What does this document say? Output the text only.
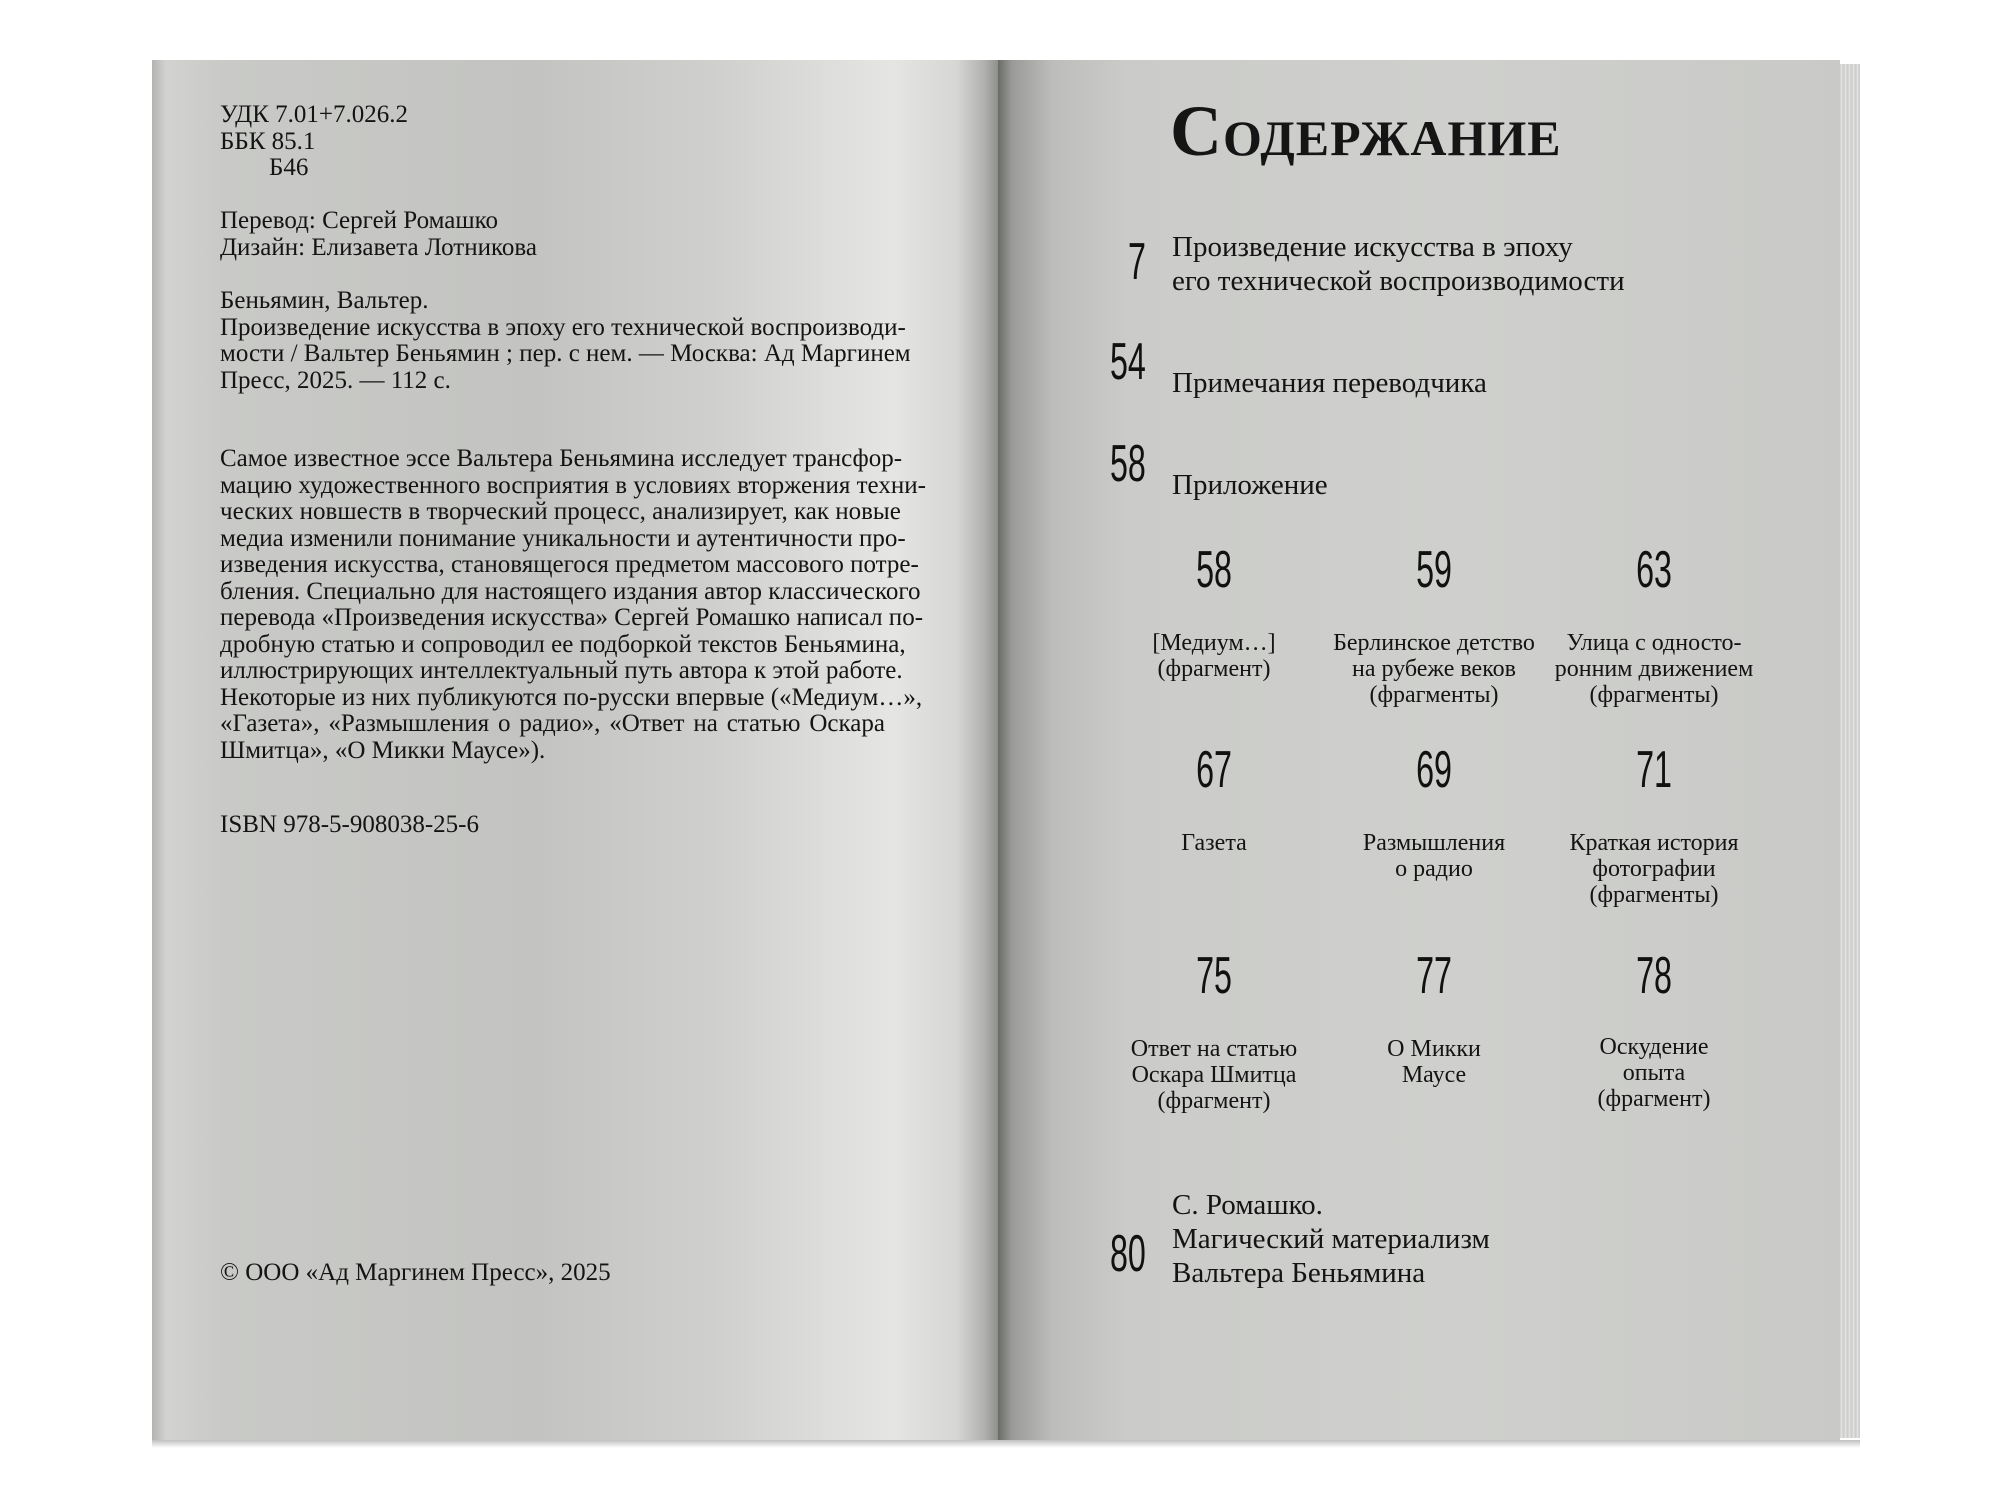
УДК 7.01+7.026.2
ББК 85.1
Б46
Перевод: Сергей Ромашко
Дизайн: Елизавета Лотникова
Беньямин, Вальтер.
Произведение искусства в эпоху его технической воспроизводи-
мости / Вальтер Беньямин ; пер. с нем. — Москва: Ад Маргинем
Пресс, 2025. — 112 с.
Самое известное эссе Вальтера Беньямина исследует трансфор-
мацию художественного восприятия в условиях вторжения техни-
ческих новшеств в творческий процесс, анализирует, как новые
медиа изменили понимание уникальности и аутентичности про-
изведения искусства, становящегося предметом массового потре-
бления. Специально для настоящего издания автор классического
перевода «Произведения искусства» Сергей Ромашко написал по-
дробную статью и сопроводил ее подборкой текстов Беньямина,
иллюстрирующих интеллектуальный путь автора к этой работе.
Некоторые из них публикуются по-русски впервые («Медиум…»,
«Газета», «Размышления о радио», «Ответ на статью Оскара
Шмитца», «О Микки Маусе»).
ISBN 978-5-908038-25-6
© ООО «Ад Маргинем Пресс», 2025
Содержание
7 Произведение искусства в эпоху
его технической воспроизводимости
54 Примечания переводчика
58 Приложение
58
[Медиум…]
(фрагмент)
59
Берлинское детство
на рубеже веков
(фрагменты)
63
Улица с односто-
ронним движением
(фрагменты)
67
Газета
69
Размышления
о радио
71
Краткая история
фотографии
(фрагменты)
75
Ответ на статью
Оскара Шмитца
(фрагмент)
77
О Микки
Маусе
78
Оскудение
опыта
(фрагмент)
80
С. Ромашко.
Магический материализм
Вальтера Беньямина
